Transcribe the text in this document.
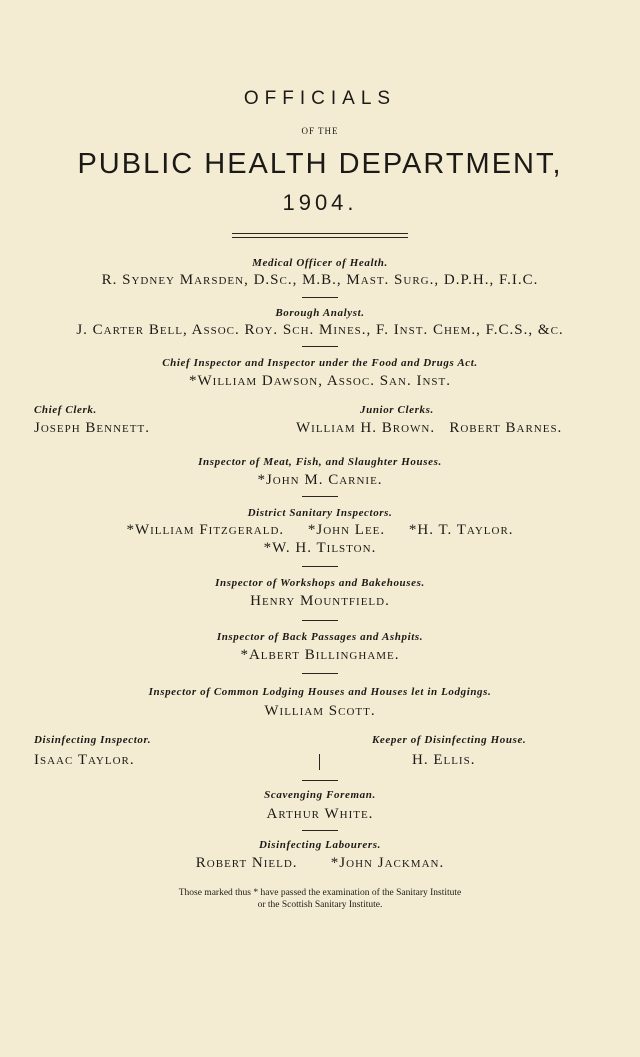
OFFICIALS
OF THE
PUBLIC HEALTH DEPARTMENT,
1904.
Medical Officer of Health.
R. Sydney Marsden, D.Sc., M.B., Mast. Surg., D.P.H., F.I.C.
Borough Analyst.
J. Carter Bell, Assoc. Roy. Sch. Mines., F. Inst. Chem., F.C.S., &c.
Chief Inspector and Inspector under the Food and Drugs Act.
*William Dawson, Assoc. San. Inst.
Chief Clerk.
Joseph Bennett.
Junior Clerks.
William H. Brown.   Robert Barnes.
Inspector of Meat, Fish, and Slaughter Houses.
*John M. Carnie.
District Sanitary Inspectors.
*William Fitzgerald.     *John Lee.     *H. T. Taylor.
*W. H. Tilston.
Inspector of Workshops and Bakehouses.
Henry Mountfield.
Inspector of Back Passages and Ashpits.
*Albert Billinghame.
Inspector of Common Lodging Houses and Houses let in Lodgings.
William Scott.
Disinfecting Inspector.
Isaac Taylor.
Keeper of Disinfecting House.
H. Ellis.
Scavenging Foreman.
Arthur White.
Disinfecting Labourers.
Robert Nield.       *John Jackman.
Those marked thus * have passed the examination of the Sanitary Institute
or the Scottish Sanitary Institute.
